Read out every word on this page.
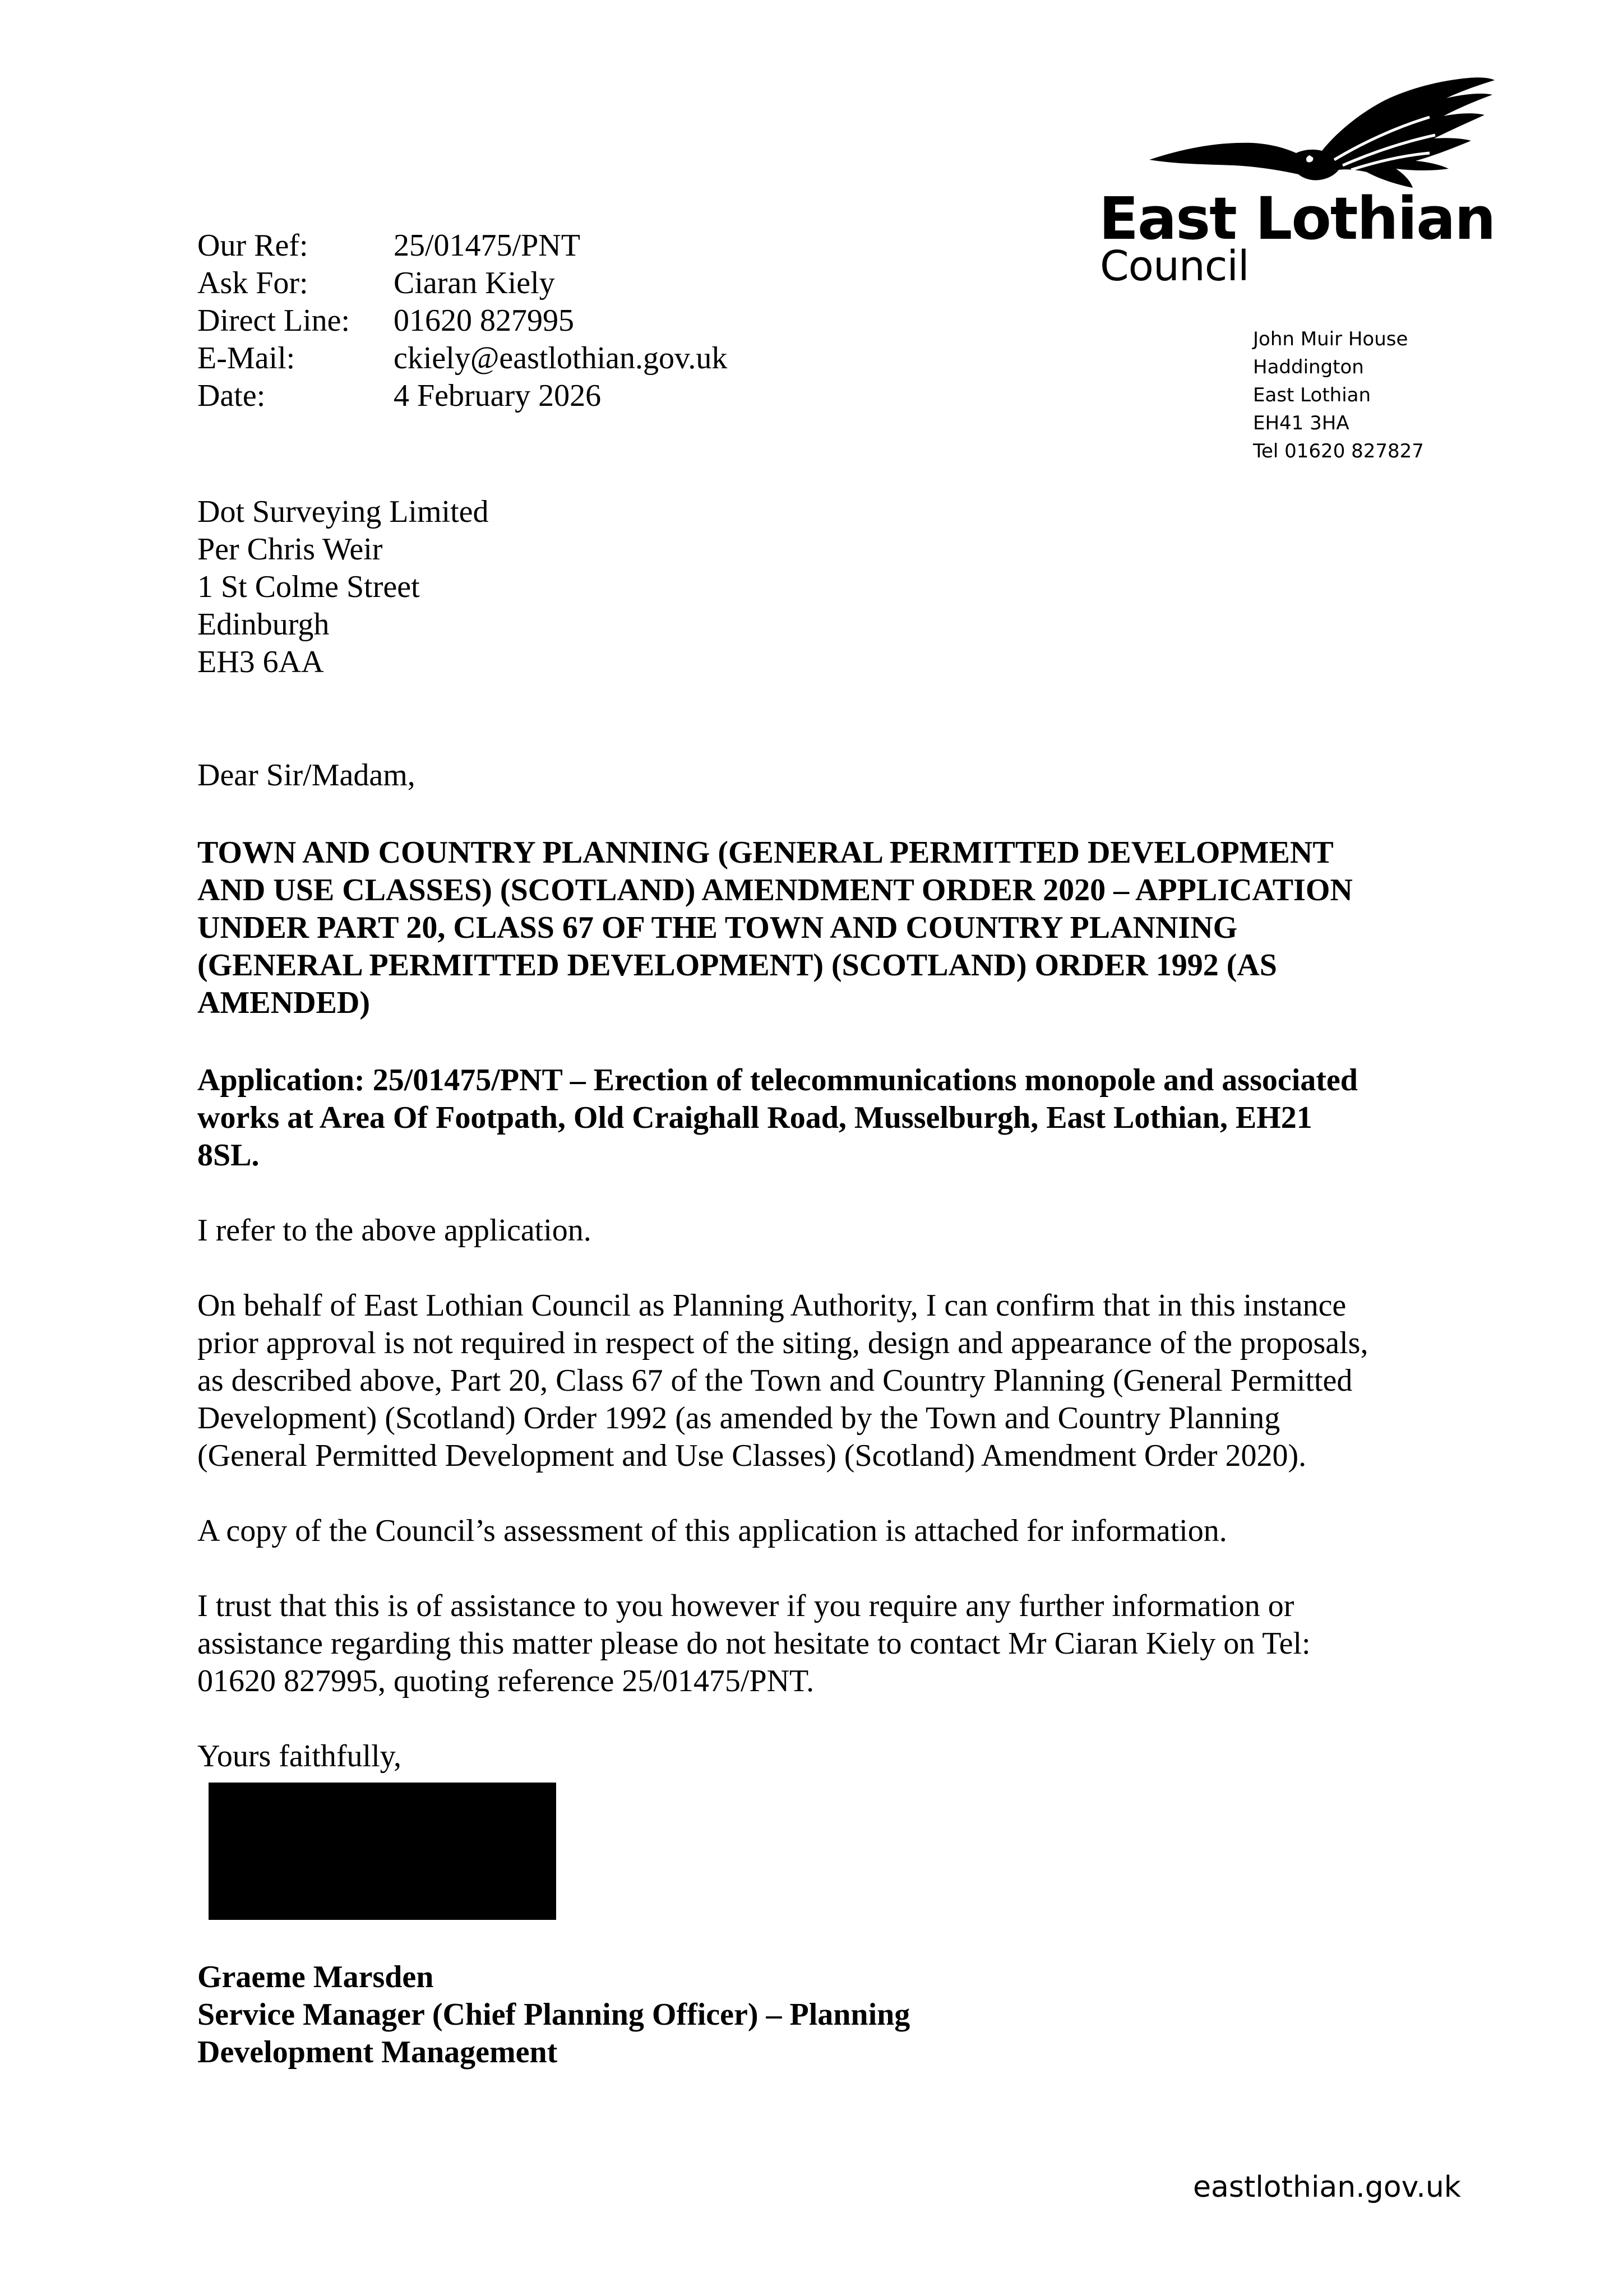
Our Ref:	25/01475/PNT
Ask For:	Ciaran Kiely
Direct Line:	01620 827995
E-Mail:	ckiely@eastlothian.gov.uk
Date:	4 February 2026
East Lothian
Council
John Muir House
Haddington
East Lothian
EH41 3HA
Tel 01620 827827
Dot Surveying Limited
Per Chris Weir
1 St Colme Street
Edinburgh
EH3 6AA

Dear Sir/Madam,

TOWN AND COUNTRY PLANNING (GENERAL PERMITTED DEVELOPMENT
AND USE CLASSES) (SCOTLAND) AMENDMENT ORDER 2020 – APPLICATION
UNDER PART 20, CLASS 67 OF THE TOWN AND COUNTRY PLANNING
(GENERAL PERMITTED DEVELOPMENT) (SCOTLAND) ORDER 1992 (AS
AMENDED)
Application: 25/01475/PNT – Erection of telecommunications monopole and associated
works at Area Of Footpath, Old Craighall Road, Musselburgh, East Lothian, EH21
8SL.
I refer to the above application.
On behalf of East Lothian Council as Planning Authority, I can confirm that in this instance
prior approval is not required in respect of the siting, design and appearance of the proposals,
as described above, Part 20, Class 67 of the Town and Country Planning (General Permitted
Development) (Scotland) Order 1992 (as amended by the Town and Country Planning
(General Permitted Development and Use Classes) (Scotland) Amendment Order 2020).
A copy of the Council’s assessment of this application is attached for information.
I trust that this is of assistance to you however if you require any further information or
assistance regarding this matter please do not hesitate to contact Mr Ciaran Kiely on Tel:
01620 827995, quoting reference 25/01475/PNT.

Yours faithfully,

Graeme Marsden
Service Manager (Chief Planning Officer) – Planning
Development Management
eastlothian.gov.uk
